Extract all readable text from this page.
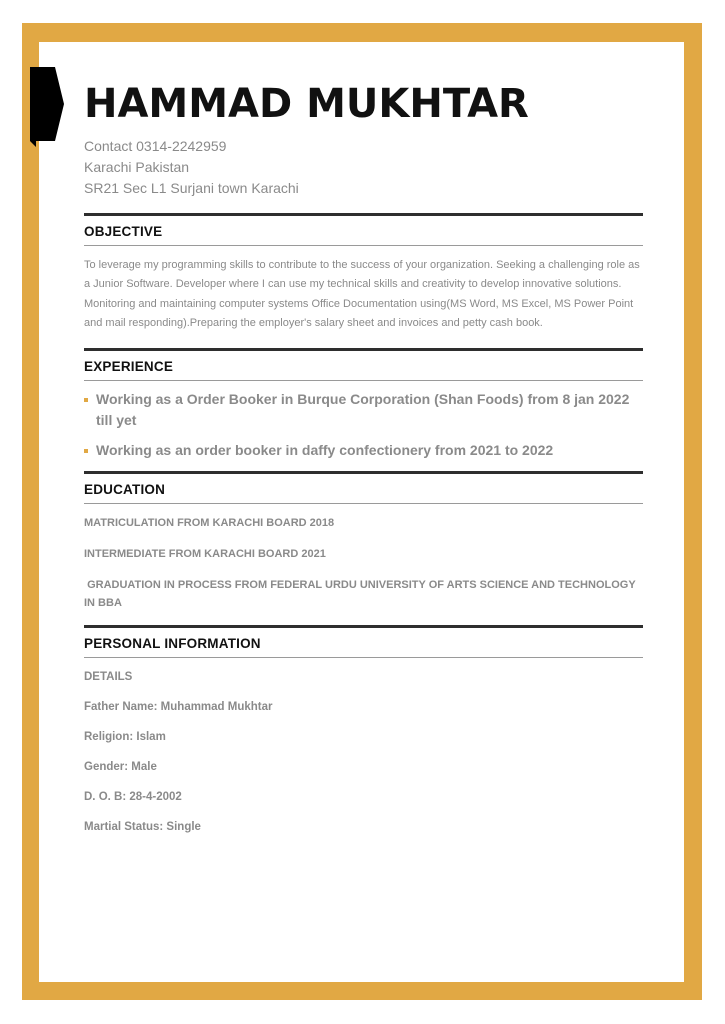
HAMMAD MUKHTAR
Contact 0314-2242959
Karachi Pakistan
SR21 Sec L1 Surjani town Karachi
OBJECTIVE
To leverage my programming skills to contribute to the success of your organization. Seeking a challenging role as a Junior Software. Developer where I can use my technical skills and creativity to develop innovative solutions. Monitoring and maintaining computer systems Office Documentation using(MS Word, MS Excel, MS Power Point and mail responding).Preparing the employer's salary sheet and invoices and petty cash book.
EXPERIENCE
Working as a Order Booker in Burque Corporation (Shan Foods) from 8 jan 2022 till yet
Working as an order booker in daffy confectionery from 2021 to 2022
EDUCATION

MATRICULATION FROM KARACHI BOARD 2018

INTERMEDIATE FROM KARACHI BOARD 2021

GRADUATION IN PROCESS FROM FEDERAL URDU UNIVERSITY OF ARTS SCIENCE AND TECHNOLOGY IN BBA

PERSONAL INFORMATION

DETAILS

Father Name: Muhammad Mukhtar

Religion: Islam

Gender: Male

D. O. B: 28-4-2002

Martial Status: Single
